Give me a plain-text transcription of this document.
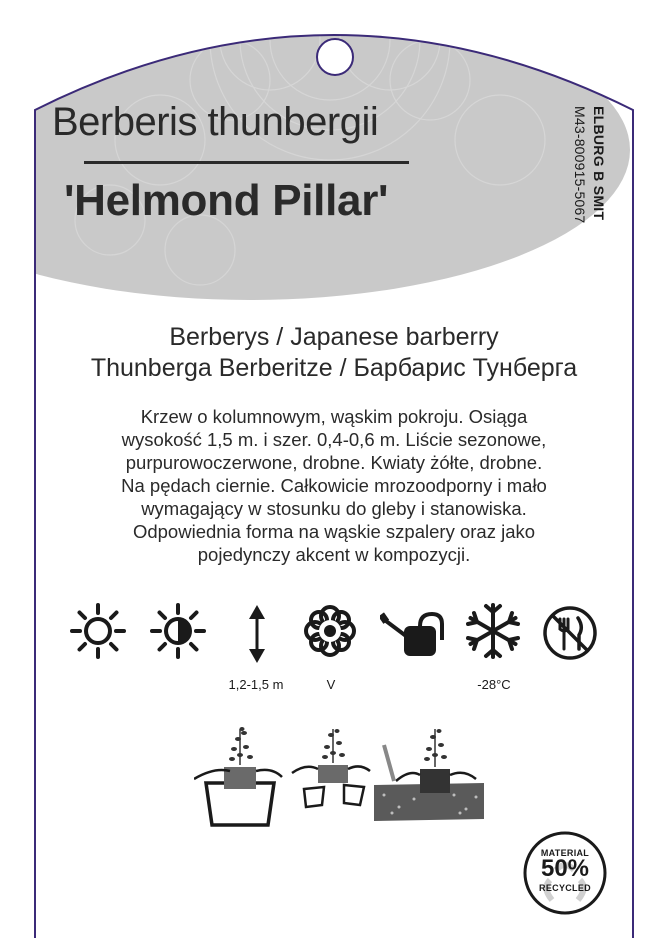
Berberis thunbergii
'Helmond Pillar'	ELBURG B SMIT
M43-800915-5067
Berberys / Japanese barberry
Thunberga Berberitze / Барбарис Тунберга
Krzew o kolumnowym, wąskim pokroju. Osiąga
wysokość 1,5 m. i szer. 0,4-0,6 m. Liście sezonowe,
purpurowoczerwone, drobne. Kwiaty żółte, drobne.
Na pędach ciernie. Całkowicie mrozoodporny i mało
wymagający w stosunku do gleby i stanowiska.
Odpowiednia forma na wąskie szpalery oraz jako
pojedynczy akcent w kompozycji.
1,2-1,5 m	V	-28°C
MATERIAL
50%
RECYCLED
